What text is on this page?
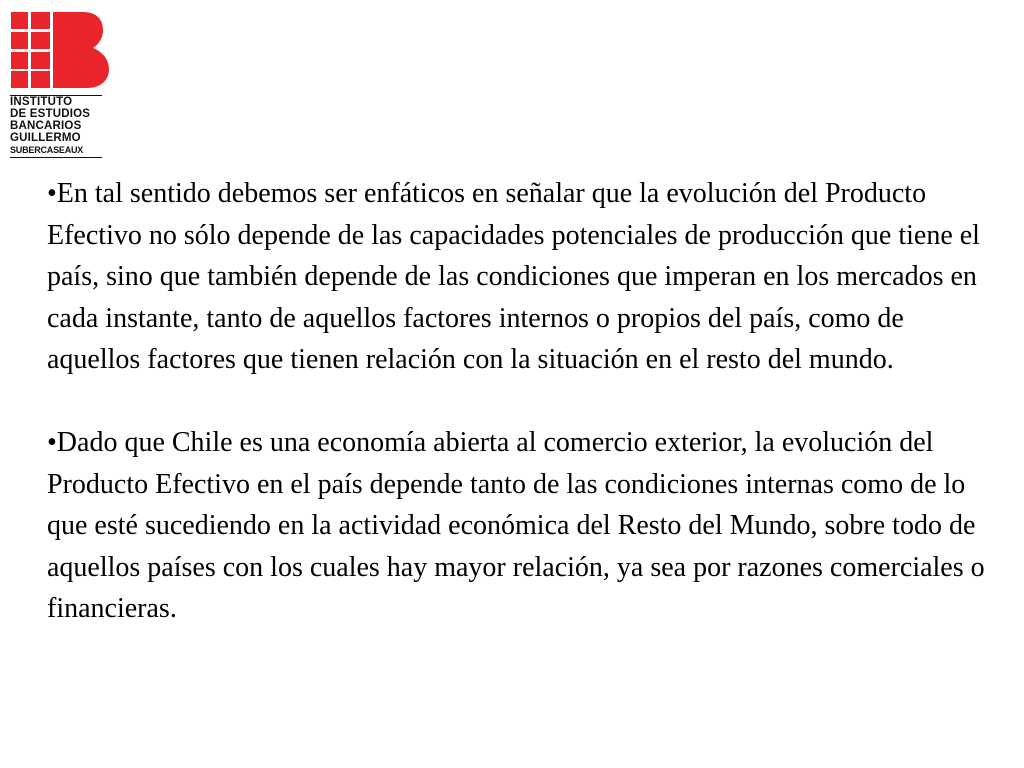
INSTITUTO
DE ESTUDIOS
BANCARIOS
GUILLERMO
SUBERCASEAUX

•En tal sentido debemos ser enfáticos en señalar que la evolución del Producto Efectivo no sólo depende de las capacidades potenciales de producción que tiene el país, sino que también depende de las condiciones que imperan en los mercados en cada instante, tanto de aquellos factores internos o propios del país, como de aquellos factores que tienen relación con la situación en el resto del mundo.

•Dado que Chile es una economía abierta al comercio exterior, la evolución del Producto Efectivo en el país depende tanto de las condiciones internas como de lo que esté sucediendo en la actividad económica del Resto del Mundo, sobre todo de aquellos países con los cuales hay mayor relación, ya sea por razones comerciales o financieras.
